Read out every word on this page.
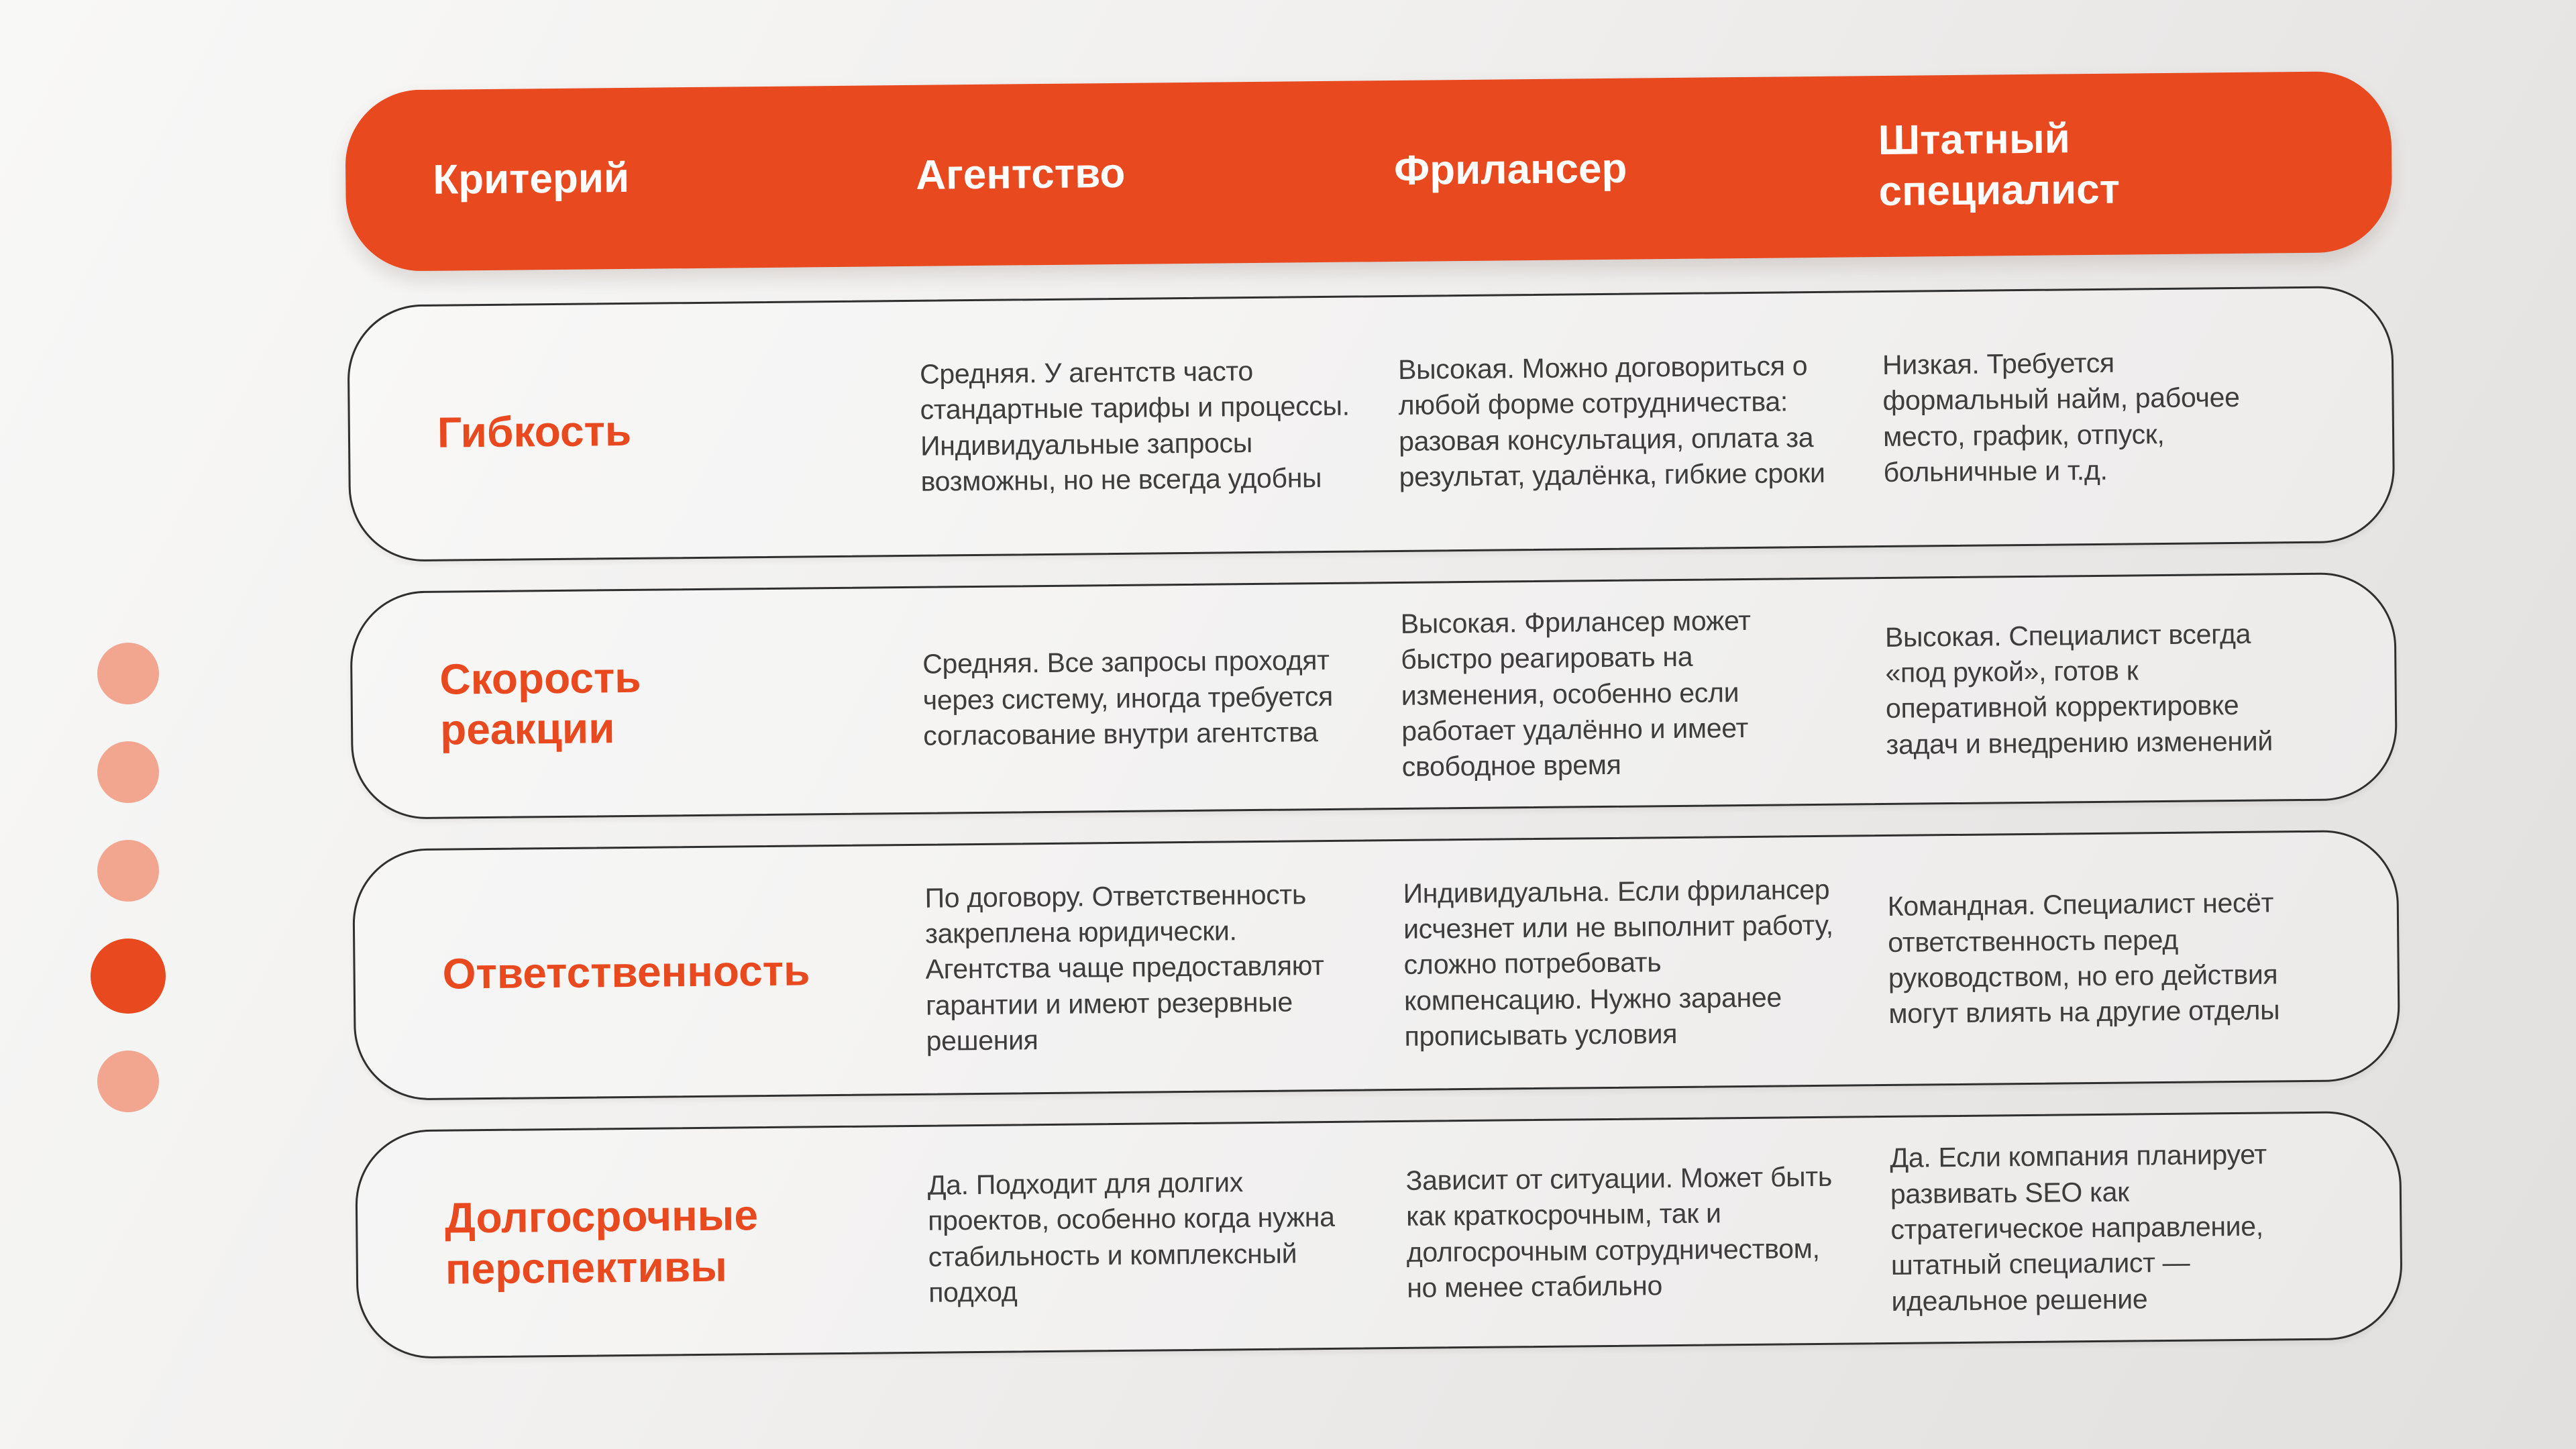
Критерий	Агентство	Фрилансер
Штатный специалист
Гибкость
Средняя. У агентств часто стандартные тарифы и процессы. Индивидуальные запросы возможны, но не всегда удобны
Высокая. Можно договориться о любой форме сотрудничества: разовая консультация, оплата за результат, удалёнка, гибкие сроки
Низкая. Требуется формальный найм, рабочее место, график, отпуск, больничные и т.д.
Скорость реакции
Средняя. Все запросы проходят через систему, иногда требуется согласование внутри агентства
Высокая. Фрилансер может быстро реагировать на изменения, особенно если работает удалённо и имеет свободное время
Высокая. Специалист всегда «под рукой», готов к оперативной корректировке задач и внедрению изменений
Ответственность
По договору. Ответственность закреплена юридически. Агентства чаще предоставляют гарантии и имеют резервные решения
Индивидуальна. Если фрилансер исчезнет или не выполнит работу, сложно потребовать компенсацию. Нужно заранее прописывать условия
Командная. Специалист несёт ответственность перед руководством, но его действия могут влиять на другие отделы
Долгосрочные перспективы
Да. Подходит для долгих проектов, особенно когда нужна стабильность и комплексный подход
Зависит от ситуации. Может быть как краткосрочным, так и долгосрочным сотрудничеством, но менее стабильно
Да. Если компания планирует развивать SEO как стратегическое направление, штатный специалист — идеальное решение
